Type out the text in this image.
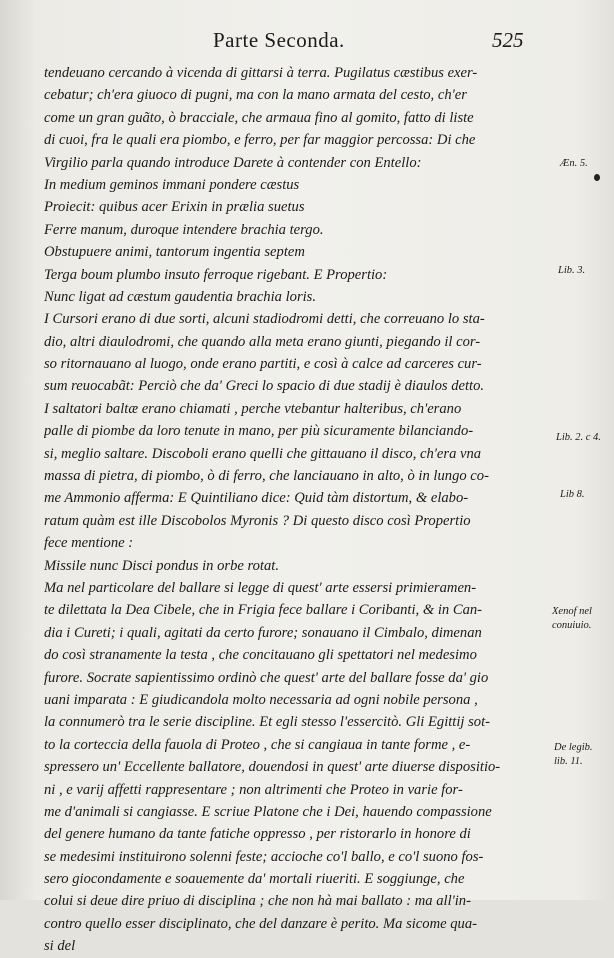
Parte Seconda.	525
tendeuano cercando à vicenda di gittarsi à terra. Pugilatus cæstibus exer-
cebatur; ch'era giuoco di pugni, ma con la mano armata del cesto, ch'er
come un gran guãto, ò bracciale, che armaua fino al gomito, fatto di liste
di cuoi, fra le quali era piombo, e ferro, per far maggior percossa: Di che
Virgilio parla quando introduce Darete à contender con Entello:
In medium geminos immani pondere cæstus
Proiecit: quibus acer Erixin in prælia suetus
Ferre manum, duroque intendere brachia tergo.
Obstupuere animi, tantorum ingentia septem
Terga boum plumbo insuto ferroque rigebant. E Propertio:
Nunc ligat ad cæstum gaudentia brachia loris.
I Cursori erano di due sorti, alcuni stadiodromi detti, che correuano lo sta-
dio, altri diaulodromi, che quando alla meta erano giunti, piegando il cor-
so ritornauano al luogo, onde erano partiti, e così à calce ad carceres cur-
sum reuocabãt: Perciò che da' Greci lo spacio di due stadij è diaulos detto.
I saltatori baltæ erano chiamati , perche vtebantur halteribus, ch'erano
palle di piombe da loro tenute in mano, per più sicuramente bilanciando-
si, meglio saltare. Discoboli erano quelli che gittauano il disco, ch'era vna
massa di pietra, di piombo, ò di ferro, che lanciauano in alto, ò in lungo co-
me Ammonio afferma: E Quintiliano dice: Quid tàm distortum, & elabo-
ratum quàm est ille Discobolos Myronis ? Di questo disco così Propertio
fece mentione :
Missile nunc Disci pondus in orbe rotat.
Ma nel particolare del ballare si legge di quest' arte essersi primieramen-
te dilettata la Dea Cibele, che in Frigia fece ballare i Coribanti, & in Can-
dia i Cureti; i quali, agitati da certo furore; sonauano il Cimbalo, dimenan
do così stranamente la testa , che concitauano gli spettatori nel medesimo
furore. Socrate sapientissimo ordinò che quest' arte del ballare fosse da' gio
uani imparata : E giudicandola molto necessaria ad ogni nobile persona ,
la connumerò tra le serie discipline. Et egli stesso l'essercitò. Gli Egittij sot-
to la corteccia della fauola di Proteo , che si cangiaua in tante forme , e-
spressero un' Eccellente ballatore, douendosi in quest' arte diuerse dispositio-
ni , e varij affetti rappresentare ; non altrimenti che Proteo in varie for-
me d'animali si cangiasse. E scriue Platone che i Dei, hauendo compassione
del genere humano da tante fatiche oppresso , per ristorarlo in honore di
se medesimi instituirono solenni feste; accioche co'l ballo, e co'l suono fos-
sero giocondamente e soauemente da' mortali riueriti. E soggiunge, che
colui si deue dire priuo di disciplina ; che non hà mai ballato : ma all'in-
contro quello esser disciplinato, che del danzare è perito. Ma sicome qua-
si del
Æn. 5.
Lib. 3.
Lib. 2. c 4.
Lib 8.
Xenof nel
conuiuio.
De legib.
lib. 11.
